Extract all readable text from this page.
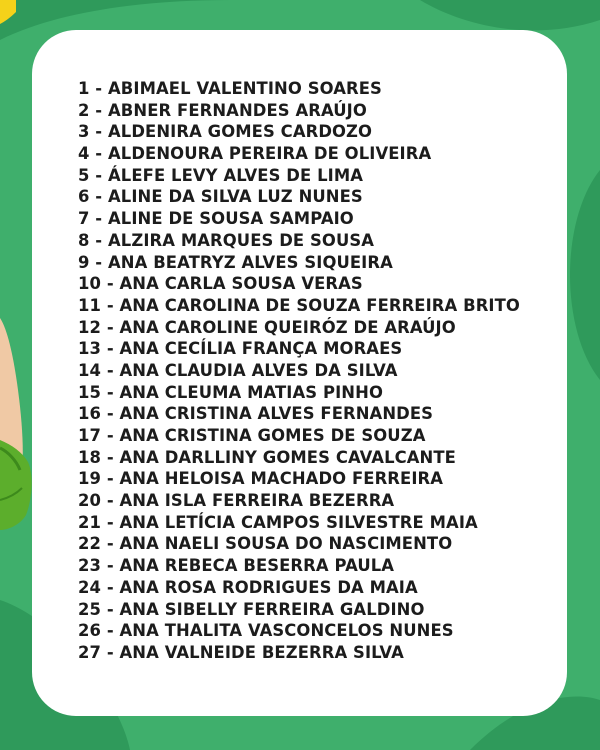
1 - ABIMAEL VALENTINO SOARES
2 - ABNER FERNANDES ARAÚJO
3 - ALDENIRA GOMES CARDOZO
4 - ALDENOURA PEREIRA DE OLIVEIRA
5 - ÁLEFE LEVY ALVES DE LIMA
6 - ALINE DA SILVA LUZ NUNES
7 - ALINE DE SOUSA SAMPAIO
8 - ALZIRA MARQUES DE SOUSA
9 - ANA BEATRYZ ALVES SIQUEIRA
10 - ANA CARLA SOUSA VERAS
11 - ANA CAROLINA DE SOUZA FERREIRA BRITO
12 - ANA CAROLINE QUEIRÓZ DE ARAÚJO
13 - ANA CECÍLIA FRANÇA MORAES
14 - ANA CLAUDIA ALVES DA SILVA
15 - ANA CLEUMA MATIAS PINHO
16 - ANA CRISTINA ALVES FERNANDES
17 - ANA CRISTINA GOMES DE SOUZA
18 - ANA DARLLINY GOMES CAVALCANTE
19 - ANA HELOISA MACHADO FERREIRA
20 - ANA ISLA FERREIRA BEZERRA
21 - ANA LETÍCIA CAMPOS SILVESTRE MAIA
22 - ANA NAELI SOUSA DO NASCIMENTO
23 - ANA REBECA BESERRA PAULA
24 - ANA ROSA RODRIGUES DA MAIA
25 - ANA SIBELLY FERREIRA GALDINO
26 - ANA THALITA VASCONCELOS NUNES
27 - ANA VALNEIDE BEZERRA SILVA
